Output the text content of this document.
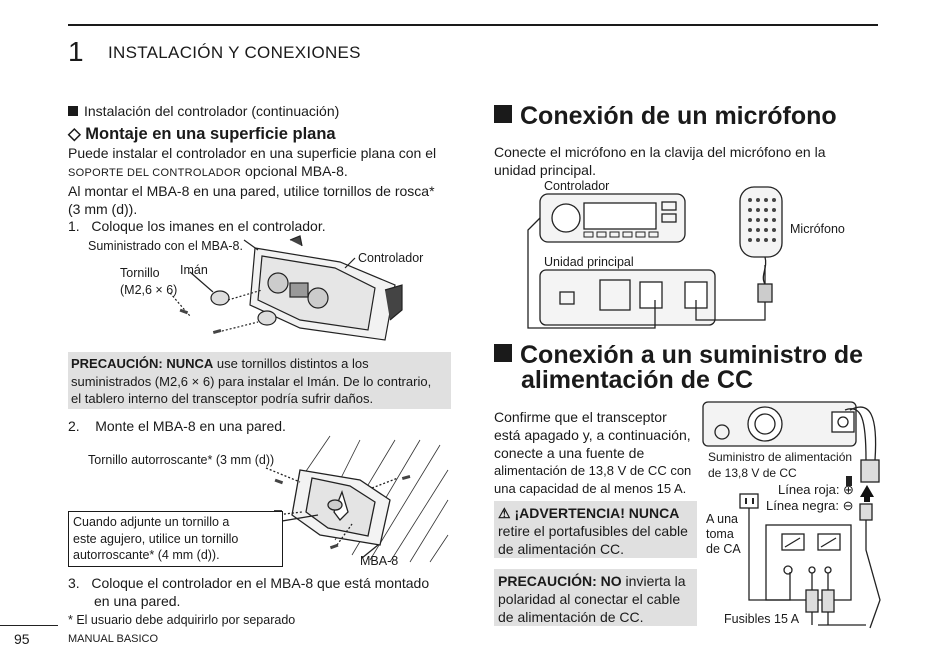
1 INSTALACIÓN Y CONEXIONES
Instalación del controlador (continuación)
◇ Montaje en una superficie plana
Puede instalar el controlador en una superficie plana con el
SOPORTE DEL CONTROLADOR opcional MBA-8.
Al montar el MBA-8 en una pared, utilice tornillos de rosca*
(3 mm (d)).
1.   Coloque los imanes en el controlador.
Suministrado con el MBA-8.
Tornillo
(M2,6 × 6)
Imán
Controlador
PRECAUCIÓN: NUNCA use tornillos distintos a los
suministrados (M2,6 × 6) para instalar el Imán. De lo contrario,
el tablero interno del transceptor podría sufrir daños.
2.    Monte el MBA-8 en una pared.
Tornillo autorroscante* (3 mm (d))
Cuando adjunte un tornillo a
este agujero, utilice un tornillo
autorroscante* (4 mm (d)).	MBA-8
3.   Coloque el controlador en el MBA-8 que está montado
en una pared.
* El usuario debe adquirirlo por separado
Conexión de un micrófono
Conecte el micrófono en la clavija del micrófono en la
unidad principal.
Controlador
Micrófono
Unidad principal
Conexión a un suministro de
alimentación de CC
Confirme que el transceptor
está apagado y, a continuación,
conecte a una fuente de
alimentación de 13,8 V de CC con
una capacidad de al menos 15 A.
⚠ ¡ADVERTENCIA! NUNCA
retire el portafusibles del cable
de alimentación CC.
PRECAUCIÓN: NO invierta la
polaridad al conectar el cable
de alimentación de CC.
Suministro de alimentación
de 13,8 V de CC
Línea roja: ⊕
Línea negra: ⊖
A una
toma
de CA
Fusibles 15 A
95	MANUAL BASICO
